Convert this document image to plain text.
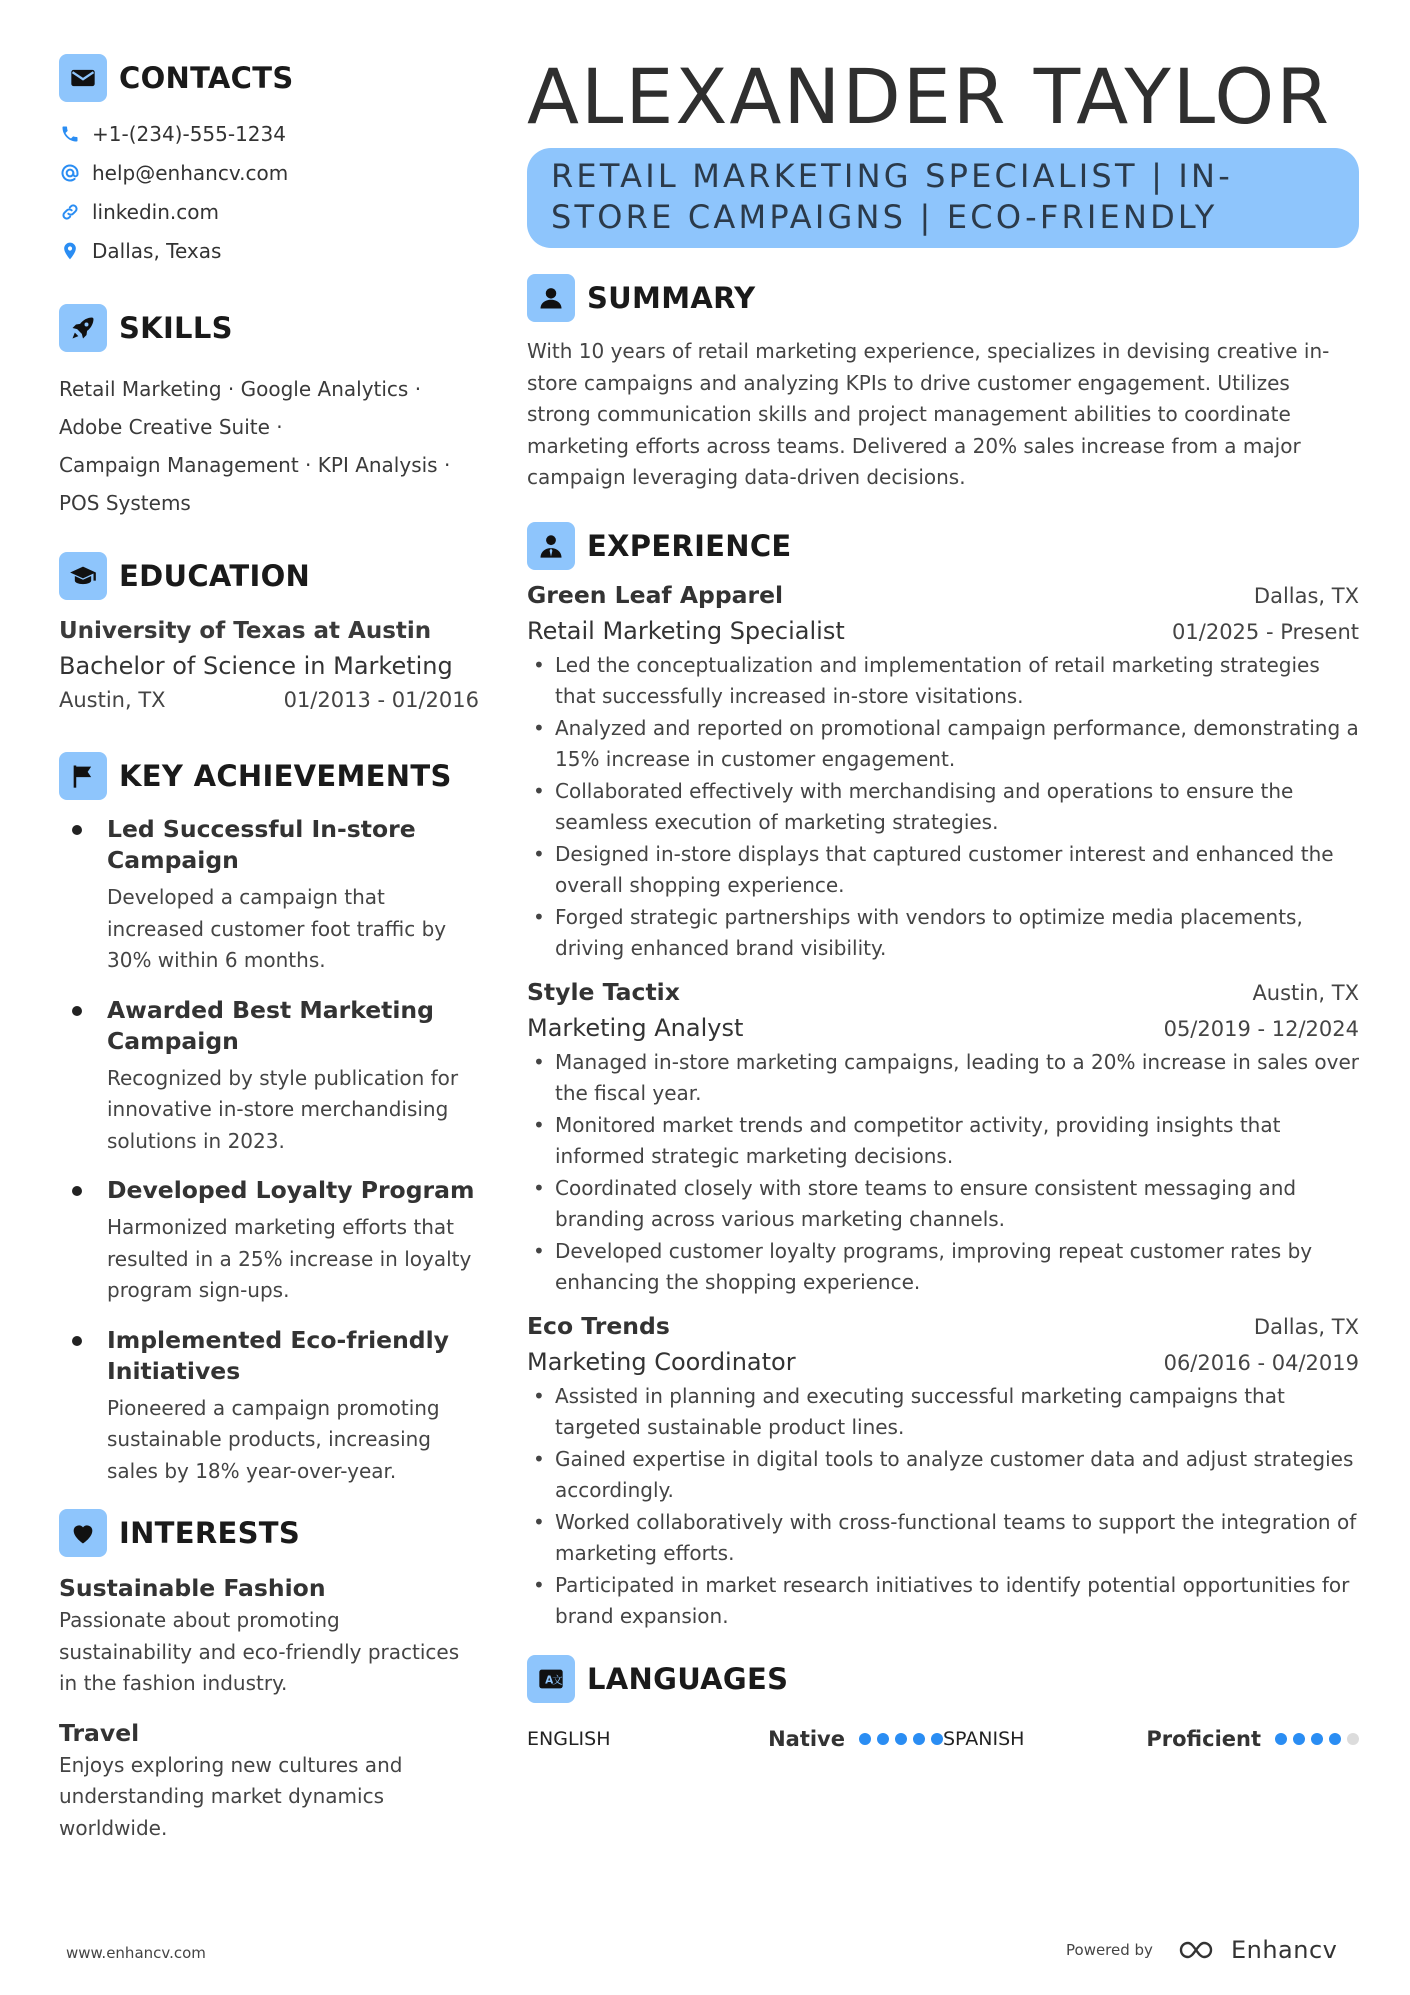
CONTACTS
+1-(234)-555-1234
help@enhancv.com
linkedin.com
Dallas, Texas
SKILLS
Retail Marketing · Google Analytics ·
Adobe Creative Suite ·
Campaign Management · KPI Analysis ·
POS Systems
EDUCATION
University of Texas at Austin
Bachelor of Science in Marketing
Austin, TX	01/2013 - 01/2016
KEY ACHIEVEMENTS
Led Successful In-store Campaign
Developed a campaign that increased customer foot traffic by 30% within 6 months.
Awarded Best Marketing Campaign
Recognized by style publication for innovative in-store merchandising solutions in 2023.
Developed Loyalty Program
Harmonized marketing efforts that resulted in a 25% increase in loyalty program sign-ups.
Implemented Eco-friendly Initiatives
Pioneered a campaign promoting sustainable products, increasing sales by 18% year-over-year.
INTERESTS
Sustainable Fashion
Passionate about promoting sustainability and eco-friendly practices in the fashion industry.
Travel
Enjoys exploring new cultures and understanding market dynamics worldwide.
ALEXANDER TAYLOR
RETAIL MARKETING SPECIALIST | IN-STORE CAMPAIGNS | ECO-FRIENDLY
SUMMARY
With 10 years of retail marketing experience, specializes in devising creative in-store campaigns and analyzing KPIs to drive customer engagement. Utilizes strong communication skills and project management abilities to coordinate marketing efforts across teams. Delivered a 20% sales increase from a major campaign leveraging data-driven decisions.
EXPERIENCE
Green Leaf Apparel	Dallas, TX
Retail Marketing Specialist	01/2025 - Present
• Led the conceptualization and implementation of retail marketing strategies that successfully increased in-store visitations.
• Analyzed and reported on promotional campaign performance, demonstrating a 15% increase in customer engagement.
• Collaborated effectively with merchandising and operations to ensure the seamless execution of marketing strategies.
• Designed in-store displays that captured customer interest and enhanced the overall shopping experience.
• Forged strategic partnerships with vendors to optimize media placements, driving enhanced brand visibility.
Style Tactix	Austin, TX
Marketing Analyst	05/2019 - 12/2024
• Managed in-store marketing campaigns, leading to a 20% increase in sales over the fiscal year.
• Monitored market trends and competitor activity, providing insights that informed strategic marketing decisions.
• Coordinated closely with store teams to ensure consistent messaging and branding across various marketing channels.
• Developed customer loyalty programs, improving repeat customer rates by enhancing the shopping experience.
Eco Trends	Dallas, TX
Marketing Coordinator	06/2016 - 04/2019
• Assisted in planning and executing successful marketing campaigns that targeted sustainable product lines.
• Gained expertise in digital tools to analyze customer data and adjust strategies accordingly.
• Worked collaboratively with cross-functional teams to support the integration of marketing efforts.
• Participated in market research initiatives to identify potential opportunities for brand expansion.
A
文 LANGUAGES
ENGLISH	Native	SPANISH	Proficient
www.enhancv.com	Powered by	Enhancv
